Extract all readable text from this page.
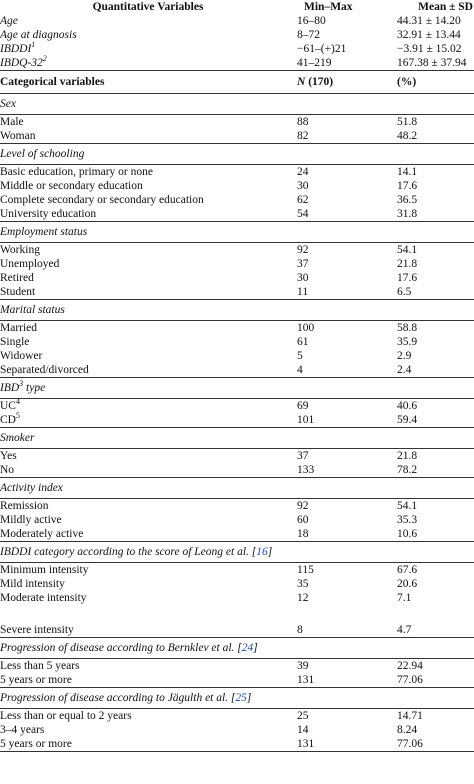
Quantitative Variables	Min–Max	Mean ± SD
Age	16–80	44.31 ± 14.20
Age at diagnosis	8–72	32.91 ± 13.44
$IBDDI^1$	−61–(+)21	−3.91 ± 15.02
IBDQ-$32^2$	41–219	167.38 ± 37.94
Categorical variables	N (170)	(%)
Sex		
Male	88	51.8
Woman	82	48.2
Level of schooling		
Basic education, primary or none	24	14.1
Middle or secondary education	30	17.6
Complete secondary or secondary education	62	36.5
University education	54	31.8
Employment status		
Working	92	54.1
Unemployed	37	21.8
Retired	30	17.6
Student	11	6.5
Marital status		
Married	100	58.8
Single	61	35.9
Widower	5	2.9
Separated/divorced	4	2.4
IBD$^3$ type		
$UC^4$	69	40.6
$CD^5$	101	59.4
Smoker		
Yes	37	21.8
No	133	78.2
Activity index		
Remission	92	54.1
Mildly active	60	35.3
Moderately active	18	10.6
IBDDI category according to the score of Leong et al. [16]		
Minimum intensity	115	67.6
Mild intensity	35	20.6
Moderate intensity	12	7.1

Severe intensity	8	4.7
Progression of disease according to Bernklev et al. [24]		
Less than 5 years	39	22.94
5 years or more	131	77.06
Progression of disease according to Jägulth et al. [25]		
Less than or equal to 2 years	25	14.71
3–4 years	14	8.24
5 years or more	131	77.06
